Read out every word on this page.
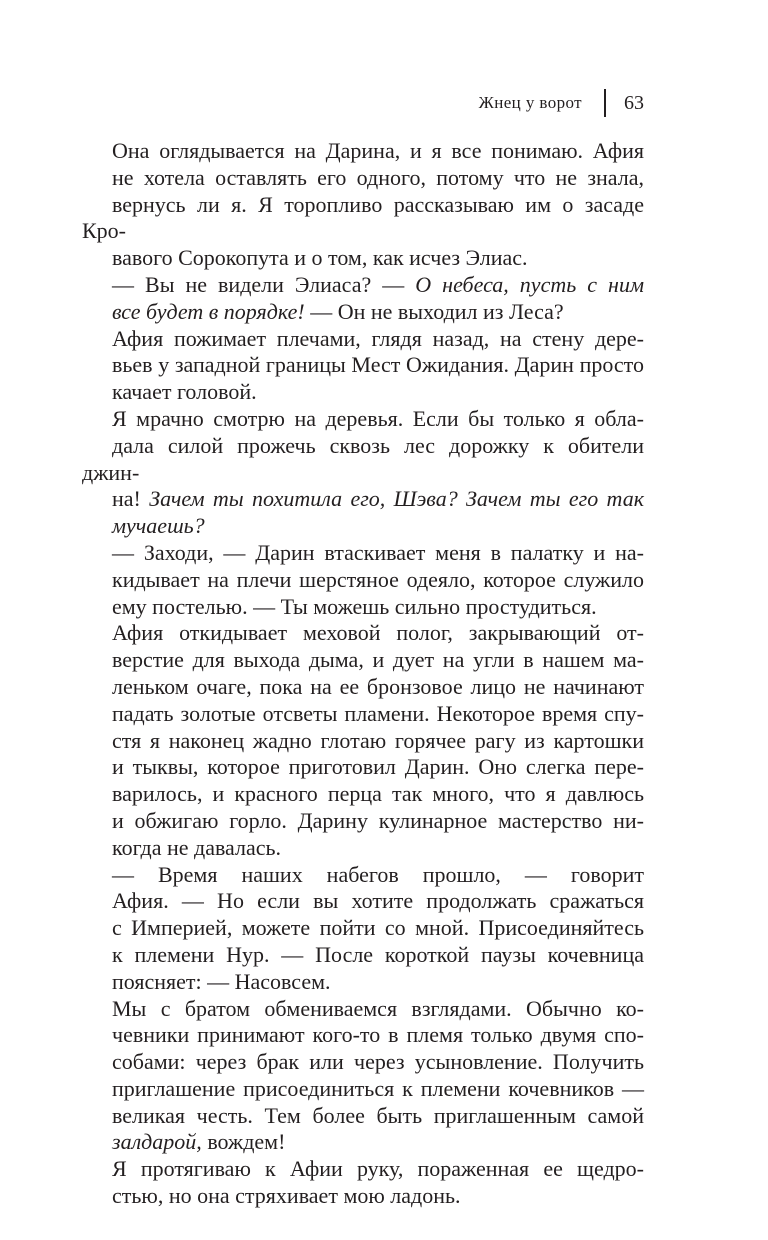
Жнец у ворот 63

Она оглядывается на Дарина, и я все понимаю. Афия
не хотела оставлять его одного, потому что не знала,
вернусь ли я. Я торопливо рассказываю им о засаде Кро-
вавого Сорокопута и о том, как исчез Элиас.

— Вы не видели Элиаса? — О небеса, пусть с ним
все будет в порядке! — Он не выходил из Леса?

Афия пожимает плечами, глядя назад, на стену дере-
вьев у западной границы Мест Ожидания. Дарин просто
качает головой.

Я мрачно смотрю на деревья. Если бы только я обла-
дала силой прожечь сквозь лес дорожку к обители джин-
на! Зачем ты похитила его, Шэва? Зачем ты его так
мучаешь?

— Заходи, — Дарин втаскивает меня в палатку и на-
кидывает на плечи шерстяное одеяло, которое служило
ему постелью. — Ты можешь сильно простудиться.

Афия откидывает меховой полог, закрывающий от-
верстие для выхода дыма, и дует на угли в нашем ма-
леньком очаге, пока на ее бронзовое лицо не начинают
падать золотые отсветы пламени. Некоторое время спу-
стя я наконец жадно глотаю горячее рагу из картошки
и тыквы, которое приготовил Дарин. Оно слегка пере-
варилось, и красного перца так много, что я давлюсь
и обжигаю горло. Дарину кулинарное мастерство ни-
когда не давалась.

— Время наших набегов прошло, — говорит
Афия. — Но если вы хотите продолжать сражаться
с Империей, можете пойти со мной. Присоединяйтесь
к племени Нур. — После короткой паузы кочевница
поясняет: — Насовсем.

Мы с братом обмениваемся взглядами. Обычно ко-
чевники принимают кого-то в племя только двумя спо-
собами: через брак или через усыновление. Получить
приглашение присоединиться к племени кочевников —
великая честь. Тем более быть приглашенным самой
залдарой, вождем!

Я протягиваю к Афии руку, пораженная ее щедро-
стью, но она стряхивает мою ладонь.
